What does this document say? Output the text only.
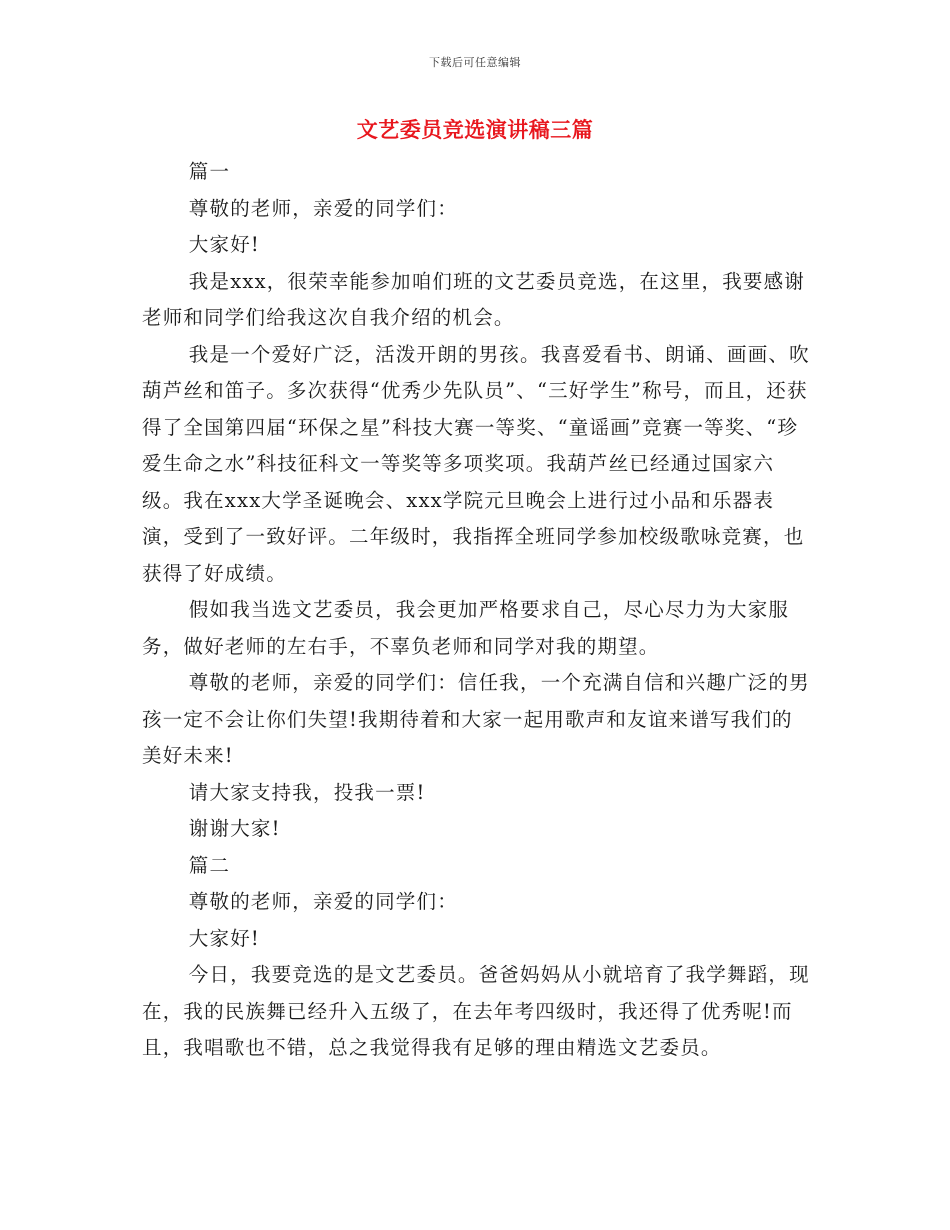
下载后可任意编辑
文艺委员竞选演讲稿三篇

篇一

尊敬的老师，亲爱的同学们：

大家好!

我是xxx，很荣幸能参加咱们班的文艺委员竞选，在这里，我要感谢老师和同学们给我这次自我介绍的机会。

我是一个爱好广泛，活泼开朗的男孩。我喜爱看书、朗诵、画画、吹葫芦丝和笛子。多次获得“优秀少先队员”、“三好学生”称号，而且，还获得了全国第四届“环保之星”科技大赛一等奖、“童谣画”竞赛一等奖、“珍爱生命之水”科技征科文一等奖等多项奖项。我葫芦丝已经通过国家六级。我在xxx大学圣诞晚会、xxx学院元旦晚会上进行过小品和乐器表演，受到了一致好评。二年级时，我指挥全班同学参加校级歌咏竞赛，也获得了好成绩。

假如我当选文艺委员，我会更加严格要求自己，尽心尽力为大家服务，做好老师的左右手，不辜负老师和同学对我的期望。

尊敬的老师，亲爱的同学们：信任我，一个充满自信和兴趣广泛的男孩一定不会让你们失望!我期待着和大家一起用歌声和友谊来谱写我们的美好未来!

请大家支持我，投我一票!

谢谢大家!

篇二

尊敬的老师，亲爱的同学们：

大家好!

今日，我要竞选的是文艺委员。爸爸妈妈从小就培育了我学舞蹈，现在，我的民族舞已经升入五级了，在去年考四级时，我还得了优秀呢!而且，我唱歌也不错，总之我觉得我有足够的理由精选文艺委员。
